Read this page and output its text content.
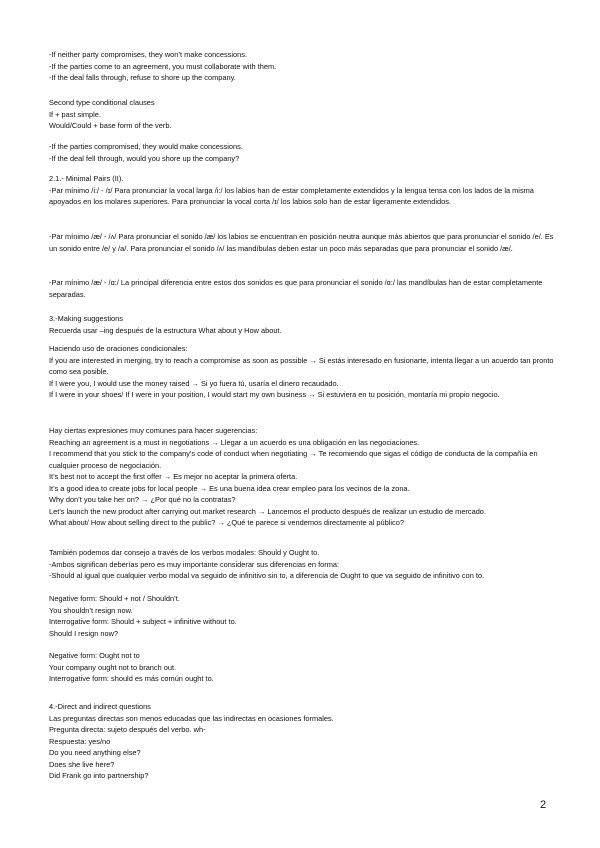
-If neither party compromises, they won’t make concessions.

-If the parties come to an agreement, you must collaborate with them.

-If the deal falls through, refuse to shore up the company.

Second type conditional clauses

If + past simple.

Would/Could + base form of the verb.

-If the parties compromised, they would make concessions.

-If the deal fell through, would you shore up the company?

2.1.- Minimal Pairs (II).

-Par mínimo /i:/ - /ɪ/ Para pronunciar la vocal larga /i:/ los labios han de estar completamente extendidos y la lengua tensa con los lados de la misma apoyados en los molares superiores. Para pronunciar la vocal corta /ɪ/ los labios solo han de estar ligeramente extendidos.

-Par mínimo /æ/ - /ʌ/ Para pronunciar el sonido /æ/ los labios se encuentran en posición neutra aunque más abiertos que para pronunciar el sonido /e/. Es un sonido entre /e/ y /a/. Para pronunciar el sonido /ʌ/ las mandíbulas deben estar un poco más separadas que para pronunciar el sonido /æ/.

-Par mínimo /æ/ - /ɑ:/ La principal diferencia entre estos dos sonidos es que para pronunciar el sonido /ɑ:/ las mandíbulas han de estar completamente separadas.

3.-Making suggestions

Recuerda usar –ing después de la estructura What about y How about.

Haciendo uso de oraciones condicionales:

If you are interested in merging, try to reach a compromise as soon as possible → Si estás interesado en fusionarte, intenta llegar a un acuerdo tan pronto como sea posible.

If I were you, I would use the money raised → Si yo fuera tú, usaría el dinero recaudado.

If I were in your shoes/ If I were in your position, I would start my own business → Si estuviera en tu posición, montaría mi propio negocio.

Hay ciertas expresiones muy comunes para hacer sugerencias:

Reaching an agreement is a must in negotiations → Llegar a un acuerdo es una obligación en las negociaciones.

I recommend that you stick to the company’s code of conduct when negotiating → Te recomiendo que sigas el código de conducta de la compañía en cualquier proceso de negociación.

It’s best not to accept the first offer → Es mejor no aceptar la primera oferta.

It’s a good idea to create jobs for local people → Es una buena idea crear empleo para los vecinos de la zona.

Why don’t you take her on? → ¿Por qué no la contratas?

Let’s launch the new product after carrying out market research → Lancemos el producto después de realizar un estudio de mercado.

What about/ How about selling direct to the public? → ¿Qué te parece si vendemos directamente al público?

También podemos dar consejo a través de los verbos modales: Should y Ought to.

-Ambos significan deberías pero es muy importante considerar sus diferencias en forma:

-Should al igual que cualquier verbo modal va seguido de infinitivo sin to, a diferencia de Ought to que va seguido de infinitivo con to.

Negative form: Should + not / Shouldn’t.

You shouldn’t resign now.

Interrogative form: Should + subject + infinitive without to.

Should I resign now?

Negative form: Ought not to

Your company ought not to branch out.

Interrogative form: should es más común ought to.

4.-Direct and indirect questions

Las preguntas directas son menos educadas que las indirectas en ocasiones formales.

Pregunta directa: sujeto después del verbo. wh-

Respuesta: yes/no

Do you need anything else?

Does she live here?

Did Frank go into partnership?

2
